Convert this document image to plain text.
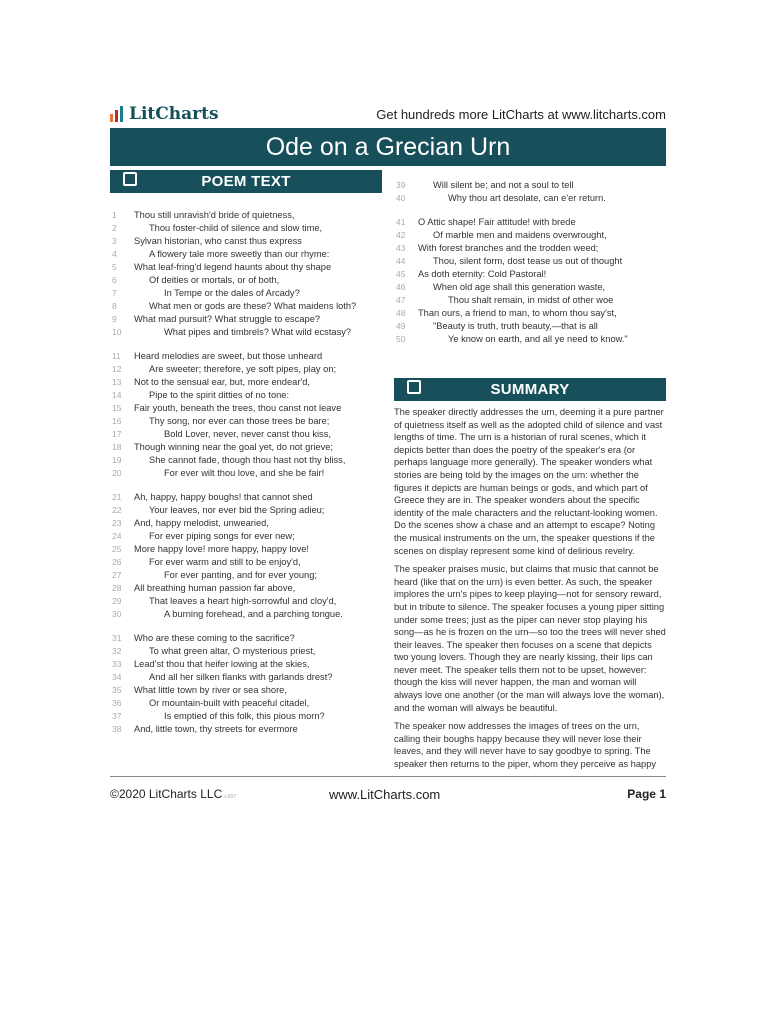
LitCharts	Get hundreds more LitCharts at www.litcharts.com
Ode on a Grecian Urn
POEM TEXT
1	Thou still unravish'd bride of quietness,
2	Thou foster-child of silence and slow time,
3	Sylvan historian, who canst thus express
4	A flowery tale more sweetly than our rhyme:
5	What leaf-fring'd legend haunts about thy shape
6	Of deities or mortals, or of both,
7	In Tempe or the dales of Arcady?
8	What men or gods are these? What maidens loth?
9	What mad pursuit? What struggle to escape?
10	What pipes and timbrels? What wild ecstasy?
11	Heard melodies are sweet, but those unheard
12	Are sweeter; therefore, ye soft pipes, play on;
13	Not to the sensual ear, but, more endear'd,
14	Pipe to the spirit ditties of no tone:
15	Fair youth, beneath the trees, thou canst not leave
16	Thy song, nor ever can those trees be bare;
17	Bold Lover, never, never canst thou kiss,
18	Though winning near the goal yet, do not grieve;
19	She cannot fade, though thou hast not thy bliss,
20	For ever wilt thou love, and she be fair!
21	Ah, happy, happy boughs! that cannot shed
22	Your leaves, nor ever bid the Spring adieu;
23	And, happy melodist, unwearied,
24	For ever piping songs for ever new;
25	More happy love! more happy, happy love!
26	For ever warm and still to be enjoy'd,
27	For ever panting, and for ever young;
28	All breathing human passion far above,
29	That leaves a heart high-sorrowful and cloy'd,
30	A burning forehead, and a parching tongue.
31	Who are these coming to the sacrifice?
32	To what green altar, O mysterious priest,
33	Lead'st thou that heifer lowing at the skies,
34	And all her silken flanks with garlands drest?
35	What little town by river or sea shore,
36	Or mountain-built with peaceful citadel,
37	Is emptied of this folk, this pious morn?
38	And, little town, thy streets for evermore
39	Will silent be; and not a soul to tell
40	Why thou art desolate, can e'er return.
41	O Attic shape! Fair attitude! with brede
42	Of marble men and maidens overwrought,
43	With forest branches and the trodden weed;
44	Thou, silent form, dost tease us out of thought
45	As doth eternity: Cold Pastoral!
46	When old age shall this generation waste,
47	Thou shalt remain, in midst of other woe
48	Than ours, a friend to man, to whom thou say'st,
49	"Beauty is truth, truth beauty,—that is all
50	Ye know on earth, and all ye need to know."
SUMMARY

The speaker directly addresses the urn, deeming it a pure partner of quietness itself as well as the adopted child of silence and vast lengths of time. The urn is a historian of rural scenes, which it depicts better than does the poetry of the speaker's era (or perhaps language more generally). The speaker wonders what stories are being told by the images on the urn: whether the figures it depicts are human beings or gods, and which part of Greece they are in. The speaker wonders about the specific identity of the male characters and the reluctant-looking women. Do the scenes show a chase and an attempt to escape? Noting the musical instruments on the urn, the speaker questions if the scenes on display represent some kind of delirious revelry.

The speaker praises music, but claims that music that cannot be heard (like that on the urn) is even better. As such, the speaker implores the urn's pipes to keep playing—not for sensory reward, but in tribute to silence. The speaker focuses a young piper sitting under some trees; just as the piper can never stop playing his song—as he is frozen on the urn—so too the trees will never shed their leaves. The speaker then focuses on a scene that depicts two young lovers. Though they are nearly kissing, their lips can never meet. The speaker tells them not to be upset, however: though the kiss will never happen, the man and woman will always love one another (or the man will always love the woman), and the woman will always be beautiful.

The speaker now addresses the images of trees on the urn, calling their boughs happy because they will never lose their leaves, and they will never have to say goodbye to spring. The speaker then returns to the piper, whom they perceive as happy

©2020 LitCharts LLC v.007	www.LitCharts.com	Page 1
